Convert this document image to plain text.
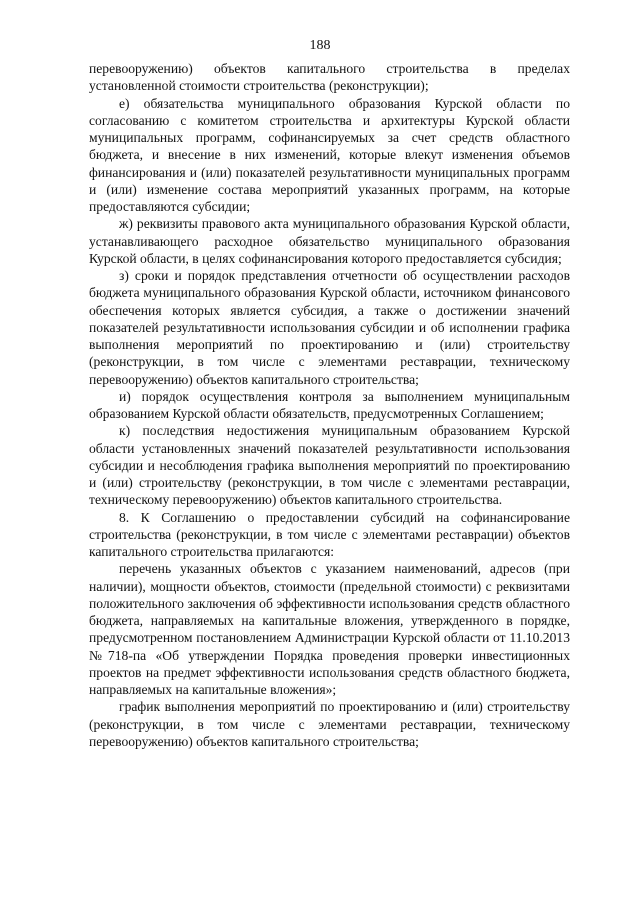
188

перевооружению) объектов капитального строительства в пределах установленной стоимости строительства (реконструкции);

е) обязательства муниципального образования Курской области по согласованию с комитетом строительства и архитектуры Курской области муниципальных программ, софинансируемых за счет средств областного бюджета, и внесение в них изменений, которые влекут изменения объемов финансирования и (или) показателей результативности муниципальных программ и (или) изменение состава мероприятий указанных программ, на которые предоставляются субсидии;

ж) реквизиты правового акта муниципального образования Курской области, устанавливающего расходное обязательство муниципального образования Курской области, в целях софинансирования которого предоставляется субсидия;

з) сроки и порядок представления отчетности об осуществлении расходов бюджета муниципального образования Курской области, источником финансового обеспечения которых является субсидия, а также о достижении значений показателей результативности использования субсидии и об исполнении графика выполнения мероприятий по проектированию и (или) строительству (реконструкции, в том числе с элементами реставрации, техническому перевооружению) объектов капитального строительства;

и) порядок осуществления контроля за выполнением муниципальным образованием Курской области обязательств, предусмотренных Соглашением;

к) последствия недостижения муниципальным образованием Курской области установленных значений показателей результативности использования субсидии и несоблюдения графика выполнения мероприятий по проектированию и (или) строительству (реконструкции, в том числе с элементами реставрации, техническому перевооружению) объектов капитального строительства.

8. К Соглашению о предоставлении субсидий на софинансирование строительства (реконструкции, в том числе с элементами реставрации) объектов капитального строительства прилагаются:

перечень указанных объектов с указанием наименований, адресов (при наличии), мощности объектов, стоимости (предельной стоимости) с реквизитами положительного заключения об эффективности использования средств областного бюджета, направляемых на капитальные вложения, утвержденного в порядке, предусмотренном постановлением Администрации Курской области от 11.10.2013 №718-па «Об утверждении Порядка проведения проверки инвестиционных проектов на предмет эффективности использования средств областного бюджета, направляемых на капитальные вложения»;

график выполнения мероприятий по проектированию и (или) строительству (реконструкции, в том числе с элементами реставрации, техническому перевооружению) объектов капитального строительства;
